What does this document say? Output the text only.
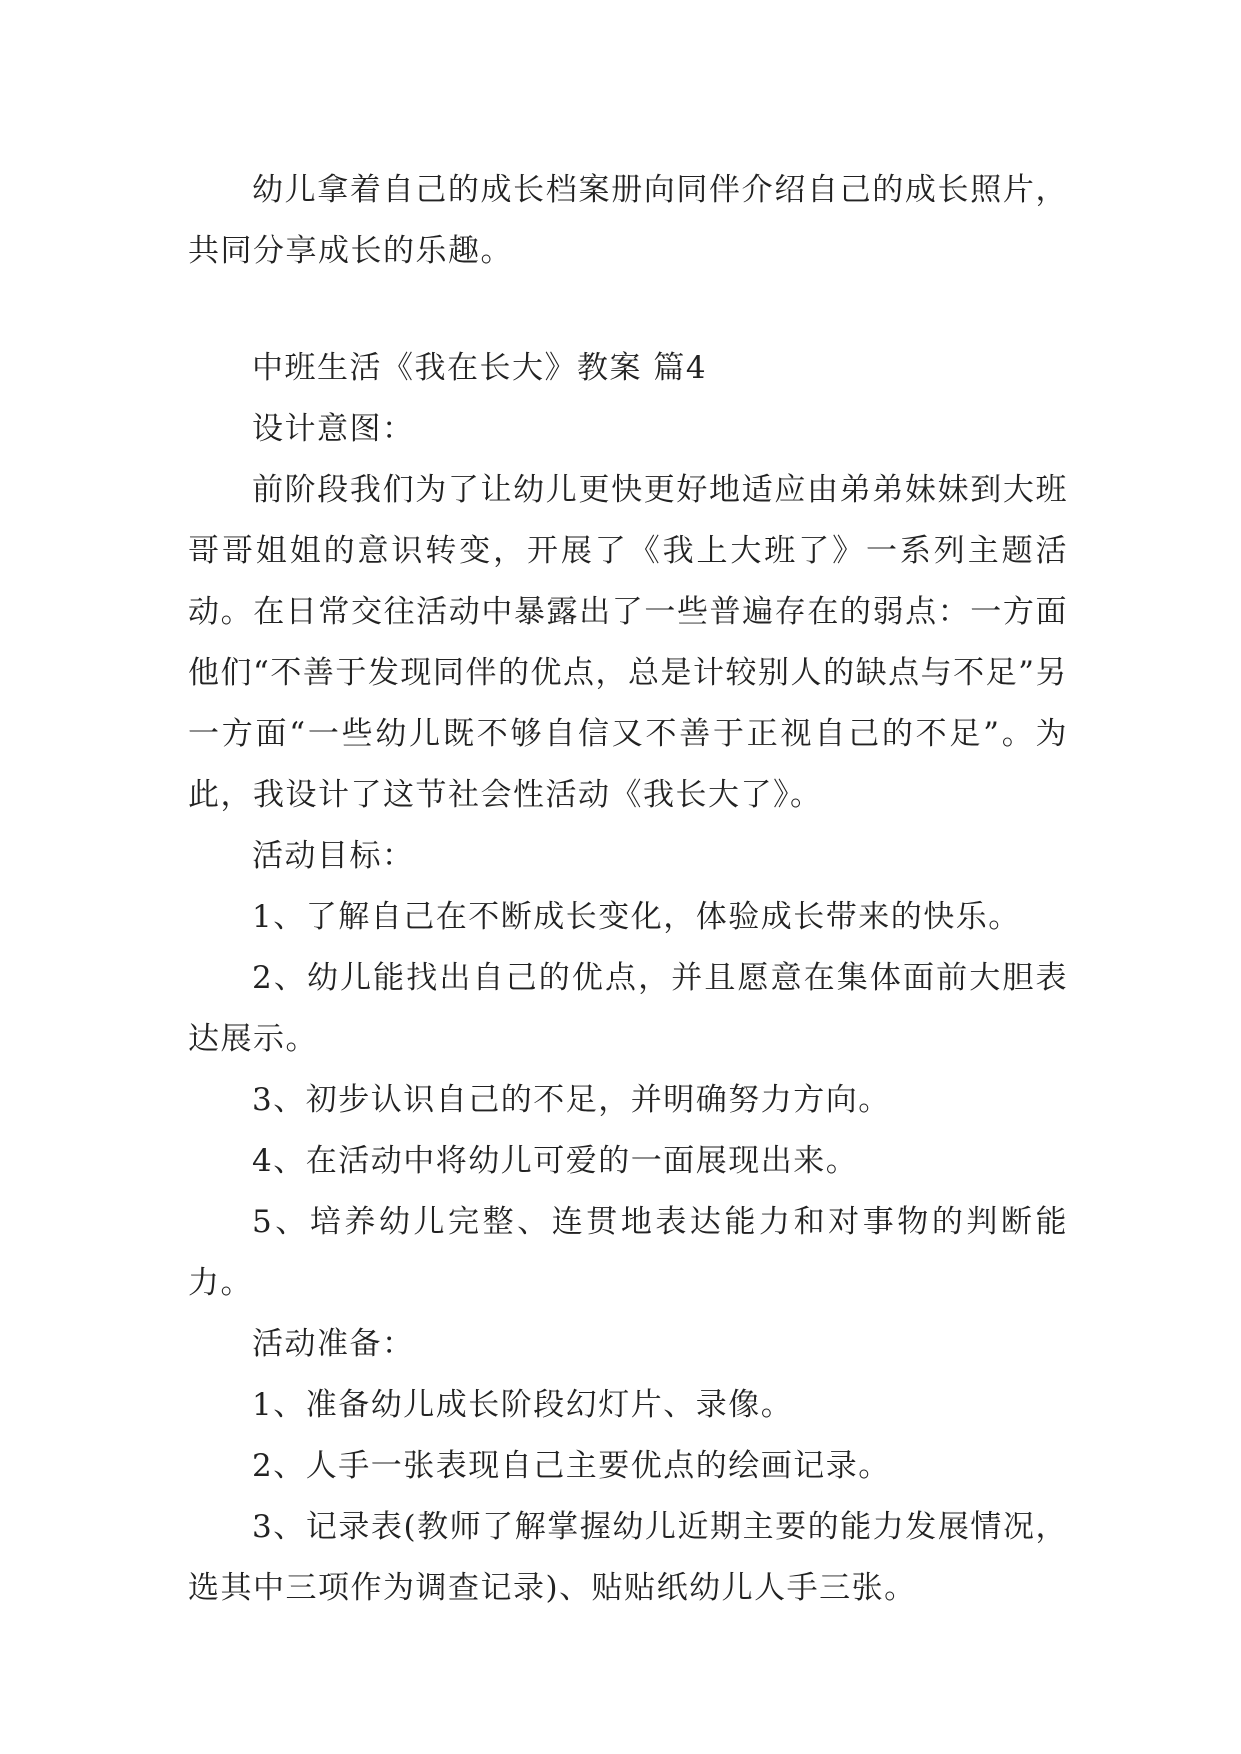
幼儿拿着自己的成长档案册向同伴介绍自己的成长照片，共同分享成长的乐趣。

中班生活《我在长大》教案 篇4

设计意图：

前阶段我们为了让幼儿更快更好地适应由弟弟妹妹到大班哥哥姐姐的意识转变，开展了《我上大班了》一系列主题活动。在日常交往活动中暴露出了一些普遍存在的弱点：一方面他们“不善于发现同伴的优点，总是计较别人的缺点与不足”另一方面“一些幼儿既不够自信又不善于正视自己的不足”。为此，我设计了这节社会性活动《我长大了》。

活动目标：

1、了解自己在不断成长变化，体验成长带来的快乐。

2、幼儿能找出自己的优点，并且愿意在集体面前大胆表达展示。

3、初步认识自己的不足，并明确努力方向。

4、在活动中将幼儿可爱的一面展现出来。

5、培养幼儿完整、连贯地表达能力和对事物的判断能力。

活动准备：

1、准备幼儿成长阶段幻灯片、录像。

2、人手一张表现自己主要优点的绘画记录。

3、记录表(教师了解掌握幼儿近期主要的能力发展情况，选其中三项作为调查记录)、贴贴纸幼儿人手三张。
